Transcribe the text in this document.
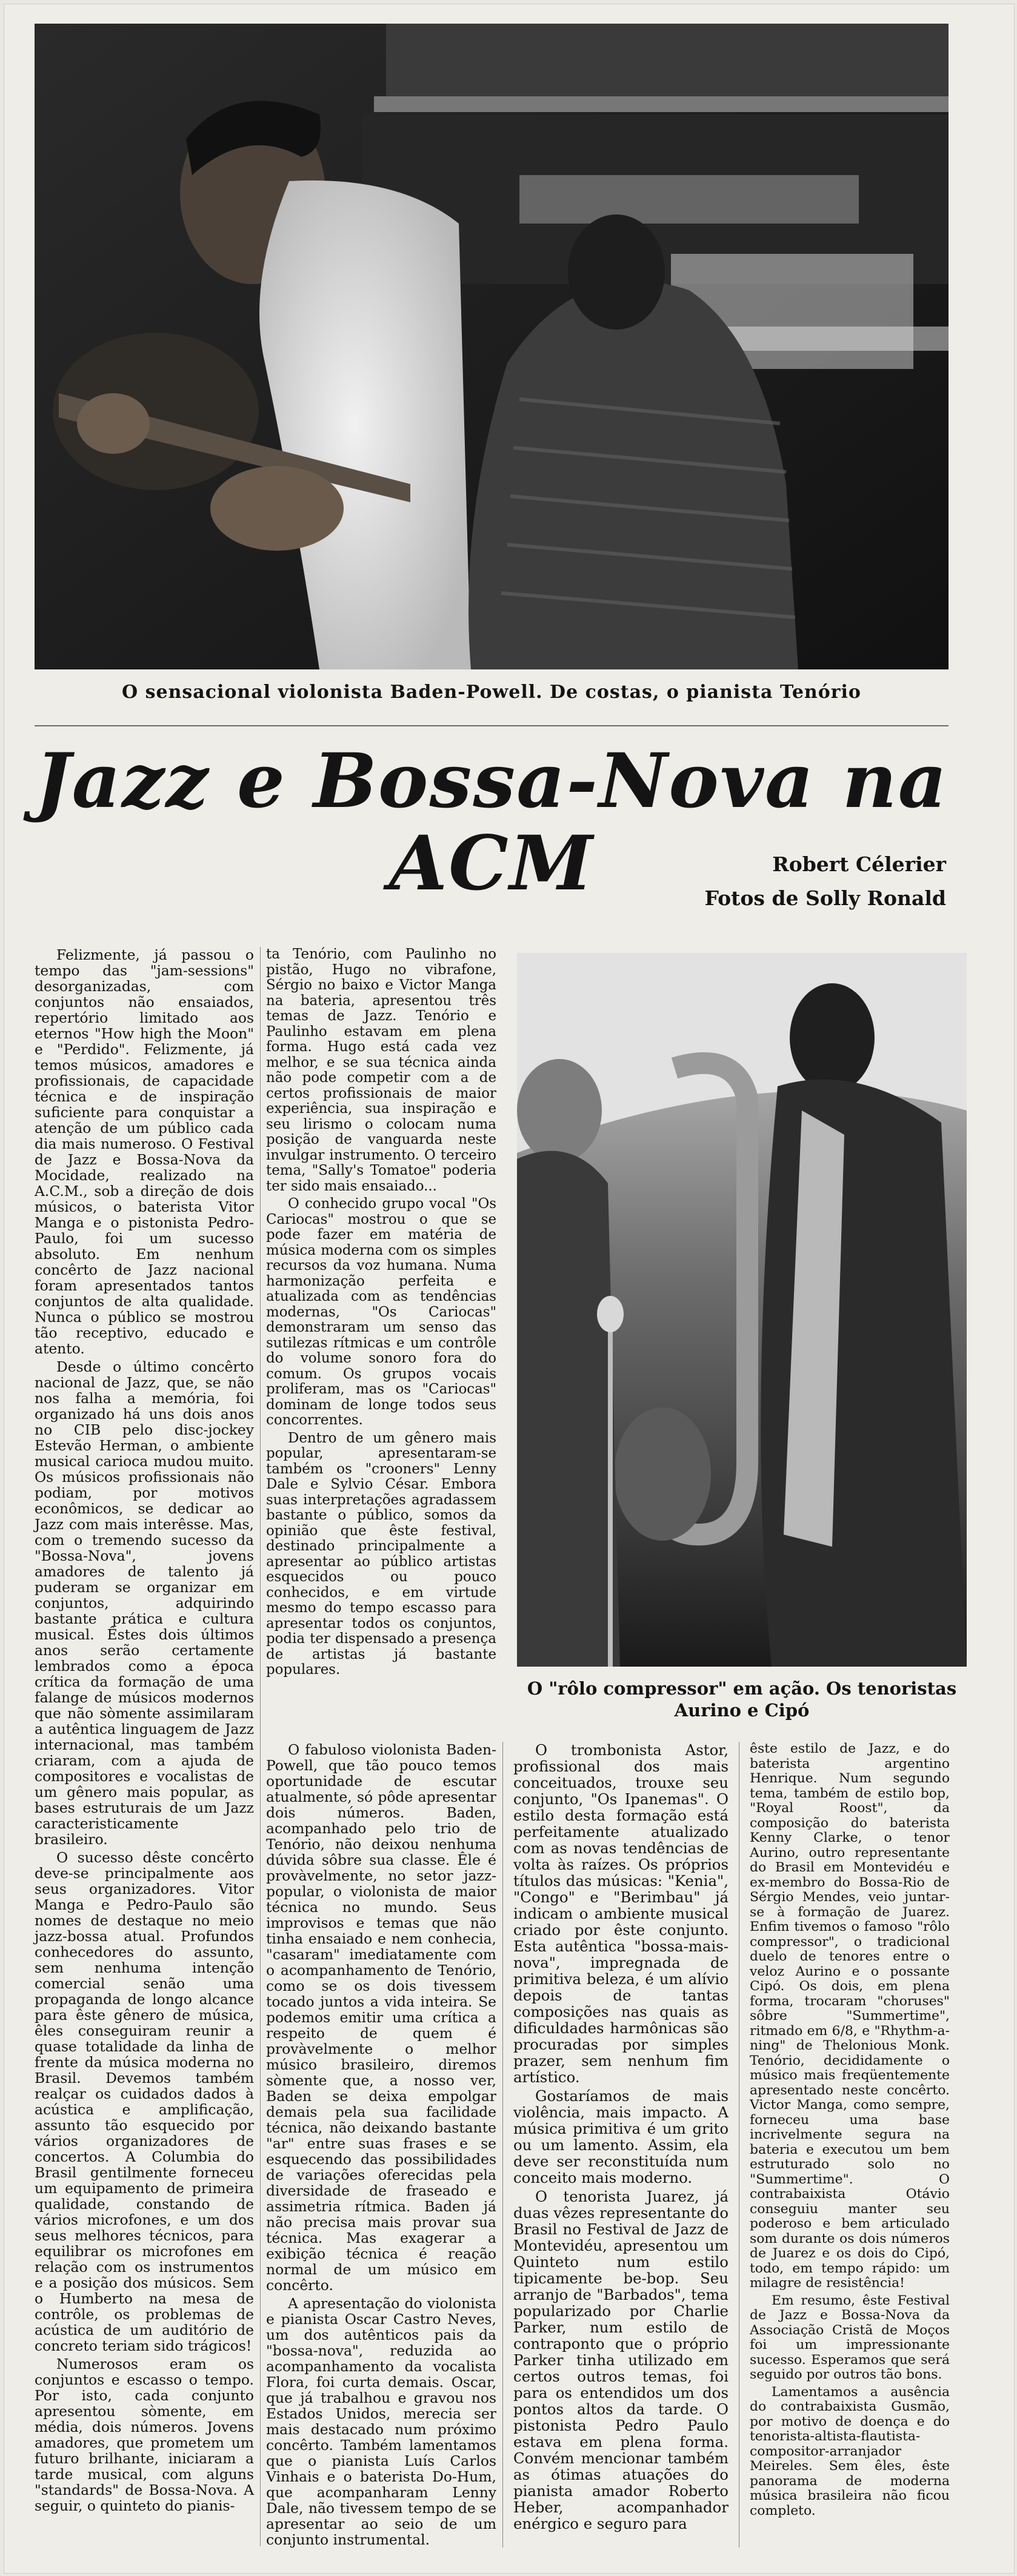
O sensacional violonista Baden-Powell. De costas, o pianista Tenório
Jazz e Bossa-Nova na ACM	Robert Célerier
Fotos de Solly Ronald

Felizmente, já passou o tempo das "jam-sessions" desorganizadas, com conjuntos não ensaiados, repertório limitado aos eternos "How high the Moon" e "Perdido". Felizmente, já temos músicos, amadores e profissionais, de capacidade técnica e de inspiração suficiente para conquistar a atenção de um público cada dia mais numeroso. O Festival de Jazz e Bossa-Nova da Mocidade, realizado na A.C.M., sob a direção de dois músicos, o baterista Vitor Manga e o pistonista Pedro-Paulo, foi um sucesso absoluto. Em nenhum concêrto de Jazz nacional foram apresentados tantos conjuntos de alta qualidade. Nunca o público se mostrou tão receptivo, educado e atento.

Desde o último concêrto nacional de Jazz, que, se não nos falha a memória, foi organizado há uns dois anos no CIB pelo disc-jockey Estevão Herman, o ambiente musical carioca mudou muito. Os músicos profissionais não podiam, por motivos econômicos, se dedicar ao Jazz com mais interêsse. Mas, com o tremendo sucesso da "Bossa-Nova", jovens amadores de talento já puderam se organizar em conjuntos, adquirindo bastante prática e cultura musical. Êstes dois últimos anos serão certamente lembrados como a época crítica da formação de uma falange de músicos modernos que não sòmente assimilaram a autêntica linguagem de Jazz internacional, mas também criaram, com a ajuda de compositores e vocalistas de um gênero mais popular, as bases estruturais de um Jazz caracteristicamente brasileiro.

O sucesso dêste concêrto deve-se principalmente aos seus organizadores. Vitor Manga e Pedro-Paulo são nomes de destaque no meio jazz-bossa atual. Profundos conhecedores do assunto, sem nenhuma intenção comercial senão uma propaganda de longo alcance para êste gênero de música, êles conseguiram reunir a quase totalidade da linha de frente da música moderna no Brasil. Devemos também realçar os cuidados dados à acústica e amplificação, assunto tão esquecido por vários organizadores de concertos. A Columbia do Brasil gentilmente forneceu um equipamento de primeira qualidade, constando de vários microfones, e um dos seus melhores técnicos, para equilibrar os microfones em relação com os instrumentos e a posição dos músicos. Sem o Humberto na mesa de contrôle, os problemas de acústica de um auditório de concreto teriam sido trágicos!

Numerosos eram os conjuntos e escasso o tempo. Por isto, cada conjunto apresentou sòmente, em média, dois números. Jovens amadores, que prometem um futuro brilhante, iniciaram a tarde musical, com alguns "standards" de Bossa-Nova. A seguir, o quinteto do pianis-

ta Tenório, com Paulinho no pistão, Hugo no vibrafone, Sérgio no baixo e Victor Manga na bateria, apresentou três temas de Jazz. Tenório e Paulinho estavam em plena forma. Hugo está cada vez melhor, e se sua técnica ainda não pode competir com a de certos profissionais de maior experiência, sua inspiração e seu lirismo o colocam numa posição de vanguarda neste invulgar instrumento. O terceiro tema, "Sally's Tomatoe" poderia ter sido mais ensaiado...

O conhecido grupo vocal "Os Cariocas" mostrou o que se pode fazer em matéria de música moderna com os simples recursos da voz humana. Numa harmonização perfeita e atualizada com as tendências modernas, "Os Cariocas" demonstraram um senso das sutilezas rítmicas e um contrôle do volume sonoro fora do comum. Os grupos vocais proliferam, mas os "Cariocas" dominam de longe todos seus concorrentes.

Dentro de um gênero mais popular, apresentaram-se também os "crooners" Lenny Dale e Sylvio César. Embora suas interpretações agradassem bastante o público, somos da opinião que êste festival, destinado principalmente a apresentar ao público artistas esquecidos ou pouco conhecidos, e em virtude mesmo do tempo escasso para apresentar todos os conjuntos, podia ter dispensado a presença de artistas já bastante populares.

O "rôlo compressor" em ação. Os tenoristas
Aurino e Cipó

O fabuloso violonista Baden-Powell, que tão pouco temos oportunidade de escutar atualmente, só pôde apresentar dois números. Baden, acompanhado pelo trio de Tenório, não deixou nenhuma dúvida sôbre sua classe. Êle é provàvelmente, no setor jazz-popular, o violonista de maior técnica no mundo. Seus improvisos e temas que não tinha ensaiado e nem conhecia, "casaram" imediatamente com o acompanhamento de Tenório, como se os dois tivessem tocado juntos a vida inteira. Se podemos emitir uma crítica a respeito de quem é provàvelmente o melhor músico brasileiro, diremos sòmente que, a nosso ver, Baden se deixa empolgar demais pela sua facilidade técnica, não deixando bastante "ar" entre suas frases e se esquecendo das possibilidades de variações oferecidas pela diversidade de fraseado e assimetria rítmica. Baden já não precisa mais provar sua técnica. Mas exagerar a exibição técnica é reação normal de um músico em concêrto.

A apresentação do violonista e pianista Oscar Castro Neves, um dos autênticos pais da "bossa-nova", reduzida ao acompanhamento da vocalista Flora, foi curta demais. Oscar, que já trabalhou e gravou nos Estados Unidos, merecia ser mais destacado num próximo concêrto. Também lamentamos que o pianista Luís Carlos Vinhais e o baterista Do-Hum, que acompanharam Lenny Dale, não tivessem tempo de se apresentar ao seio de um conjunto instrumental.

O trombonista Astor, profissional dos mais conceituados, trouxe seu conjunto, "Os Ipanemas". O estilo desta formação está perfeitamente atualizado com as novas tendências de volta às raízes. Os próprios títulos das músicas: "Kenia", "Congo" e "Berimbau" já indicam o ambiente musical criado por êste conjunto. Esta autêntica "bossa-mais-nova", impregnada de primitiva beleza, é um alívio depois de tantas composições nas quais as dificuldades harmônicas são procuradas por simples prazer, sem nenhum fim artístico.

Gostaríamos de mais violência, mais impacto. A música primitiva é um grito ou um lamento. Assim, ela deve ser reconstituída num conceito mais moderno.

O tenorista Juarez, já duas vêzes representante do Brasil no Festival de Jazz de Montevidéu, apresentou um Quinteto num estilo tipicamente be-bop. Seu arranjo de "Barbados", tema popularizado por Charlie Parker, num estilo de contraponto que o próprio Parker tinha utilizado em certos outros temas, foi para os entendidos um dos pontos altos da tarde. O pistonista Pedro Paulo estava em plena forma. Convém mencionar também as ótimas atuações do pianista amador Roberto Heber, acompanhador enérgico e seguro para

êste estilo de Jazz, e do baterista argentino Henrique. Num segundo tema, também de estilo bop, "Royal Roost", da composição do baterista Kenny Clarke, o tenor Aurino, outro representante do Brasil em Montevidéu e ex-membro do Bossa-Rio de Sérgio Mendes, veio juntar-se à formação de Juarez. Enfim tivemos o famoso "rôlo compressor", o tradicional duelo de tenores entre o veloz Aurino e o possante Cipó. Os dois, em plena forma, trocaram "choruses" sôbre "Summertime", ritmado em 6/8, e "Rhythm-a-ning" de Thelonious Monk. Tenório, decididamente o músico mais freqüentemente apresentado neste concêrto. Victor Manga, como sempre, forneceu uma base incrivelmente segura na bateria e executou um bem estruturado solo no "Summertime". O contrabaixista Otávio conseguiu manter seu poderoso e bem articulado som durante os dois números de Juarez e os dois do Cipó, todo, em tempo rápido: um milagre de resistência!

Em resumo, êste Festival de Jazz e Bossa-Nova da Associação Cristã de Moços foi um impressionante sucesso. Esperamos que será seguido por outros tão bons.

Lamentamos a ausência do contrabaixista Gusmão, por motivo de doença e do tenorista-altista-flautista-compositor-arranjador Meireles. Sem êles, êste panorama de moderna música brasileira não ficou completo.
